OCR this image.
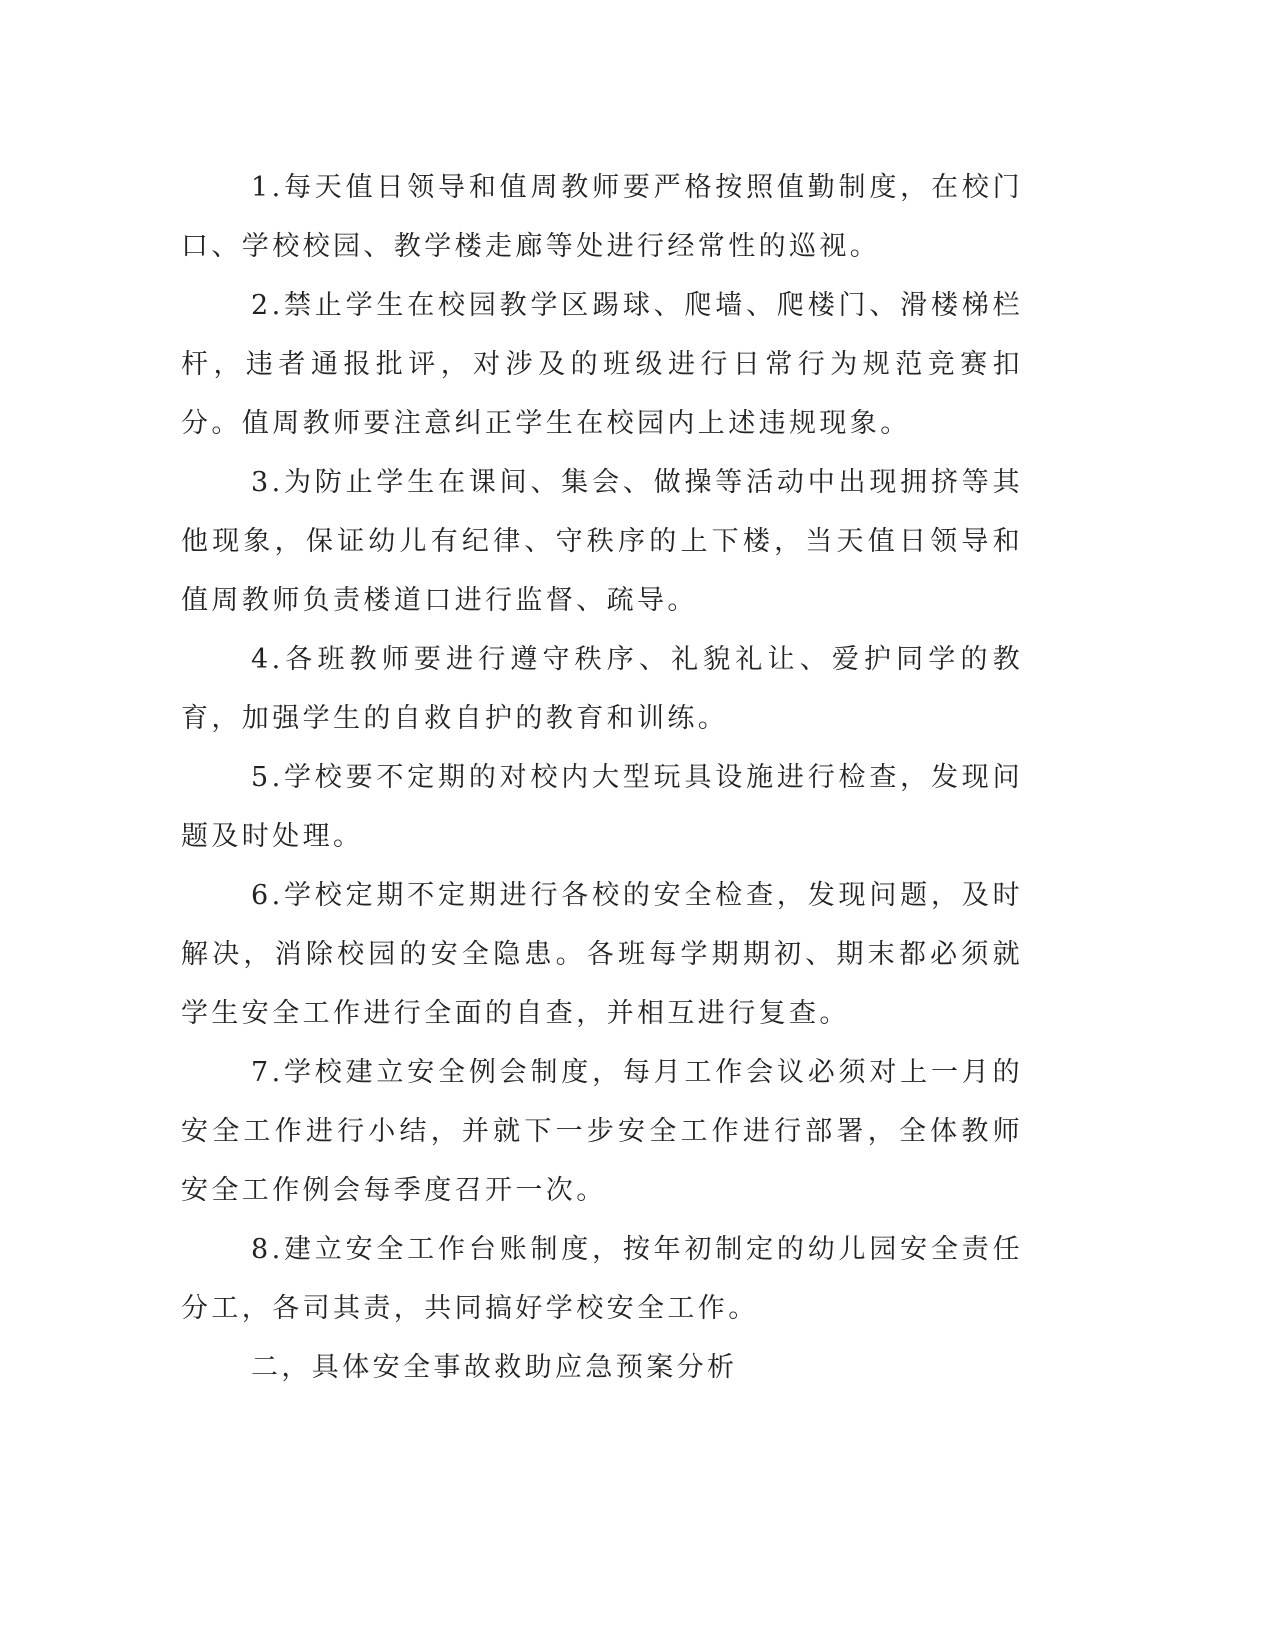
1.每天值日领导和值周教师要严格按照值勤制度，在校门口、学校校园、教学楼走廊等处进行经常性的巡视。

2.禁止学生在校园教学区踢球、爬墙、爬楼门、滑楼梯栏杆，违者通报批评，对涉及的班级进行日常行为规范竞赛扣分。值周教师要注意纠正学生在校园内上述违规现象。

3.为防止学生在课间、集会、做操等活动中出现拥挤等其他现象，保证幼儿有纪律、守秩序的上下楼，当天值日领导和值周教师负责楼道口进行监督、疏导。

4.各班教师要进行遵守秩序、礼貌礼让、爱护同学的教育，加强学生的自救自护的教育和训练。

5.学校要不定期的对校内大型玩具设施进行检查，发现问题及时处理。

6.学校定期不定期进行各校的安全检查，发现问题，及时解决，消除校园的安全隐患。各班每学期期初、期末都必须就学生安全工作进行全面的自查，并相互进行复查。

7.学校建立安全例会制度，每月工作会议必须对上一月的安全工作进行小结，并就下一步安全工作进行部署，全体教师安全工作例会每季度召开一次。

8.建立安全工作台账制度，按年初制定的幼儿园安全责任分工，各司其责，共同搞好学校安全工作。

二，具体安全事故救助应急预案分析
